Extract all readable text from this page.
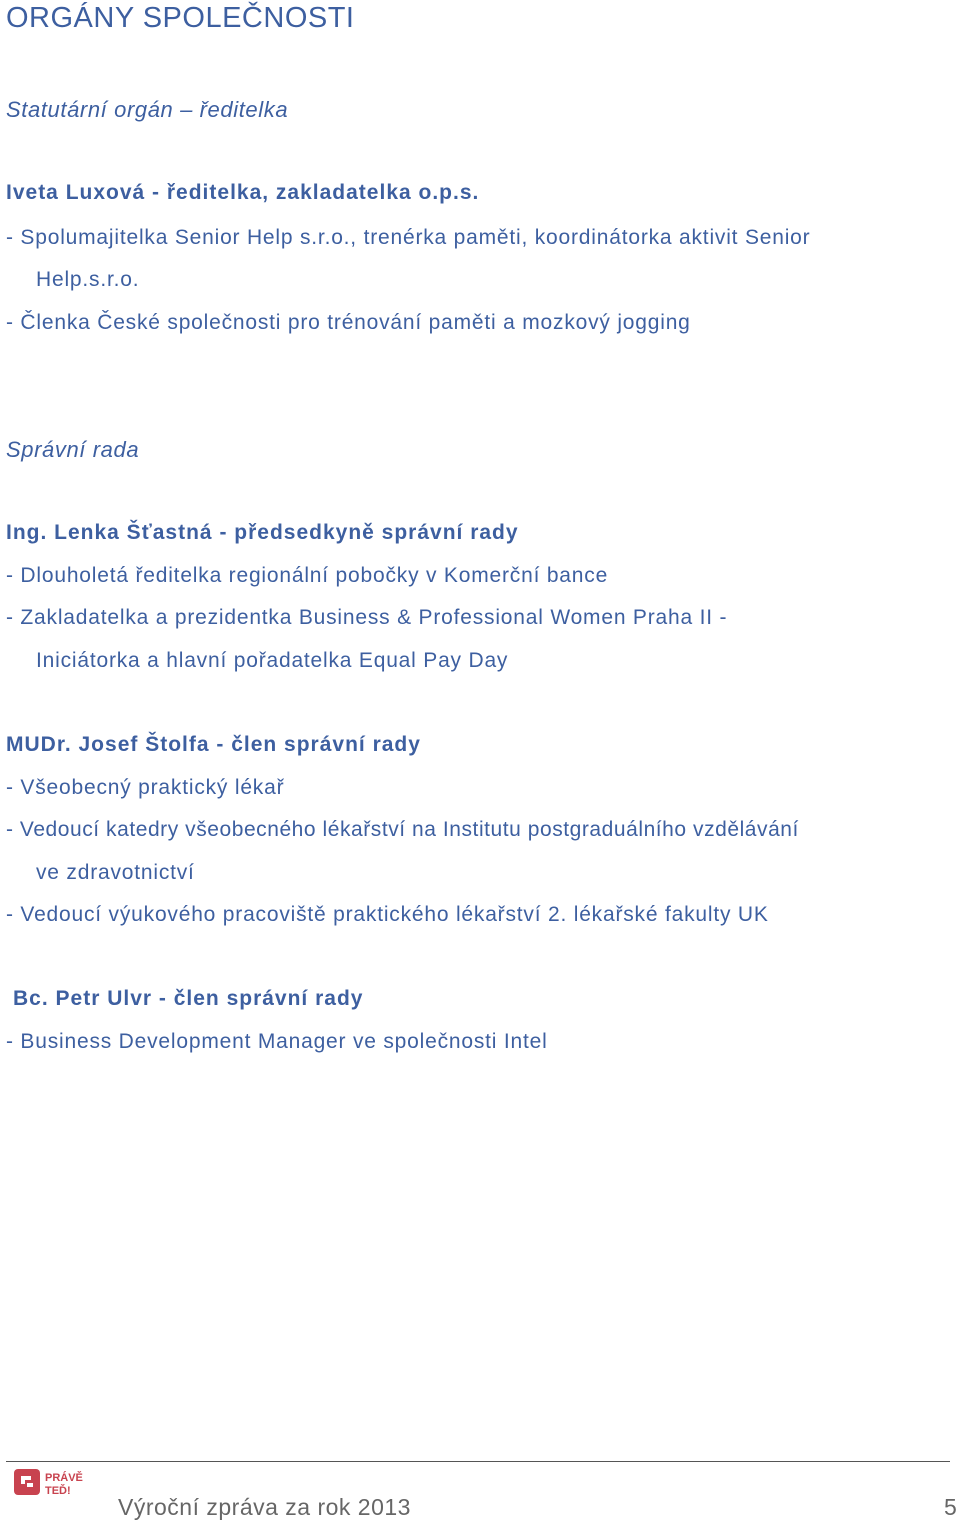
ORGÁNY SPOLEČNOSTI
Statutární orgán – ředitelka
Iveta Luxová - ředitelka, zakladatelka o.p.s.
- Spolumajitelka Senior Help s.r.o., trenérka paměti, koordinátorka aktivit Senior
Help.s.r.o.
- Členka České společnosti pro trénování paměti a mozkový jogging
Správní rada
Ing. Lenka Šťastná - předsedkyně správní rady
- Dlouholetá ředitelka regionální pobočky v Komerční bance
- Zakladatelka a prezidentka Business & Professional Women Praha II -
Iniciátorka a hlavní pořadatelka Equal Pay Day
MUDr. Josef Štolfa - člen správní rady
- Všeobecný praktický lékař
- Vedoucí katedry všeobecného lékařství na Institutu postgraduálního vzdělávání
ve zdravotnictví
- Vedoucí výukového pracoviště praktického lékařství 2. lékařské fakulty UK
Bc. Petr Ulvr - člen správní rady
- Business Development Manager ve společnosti Intel
PRÁVĚ
TEĎ!
Výroční zpráva za rok 2013	5
